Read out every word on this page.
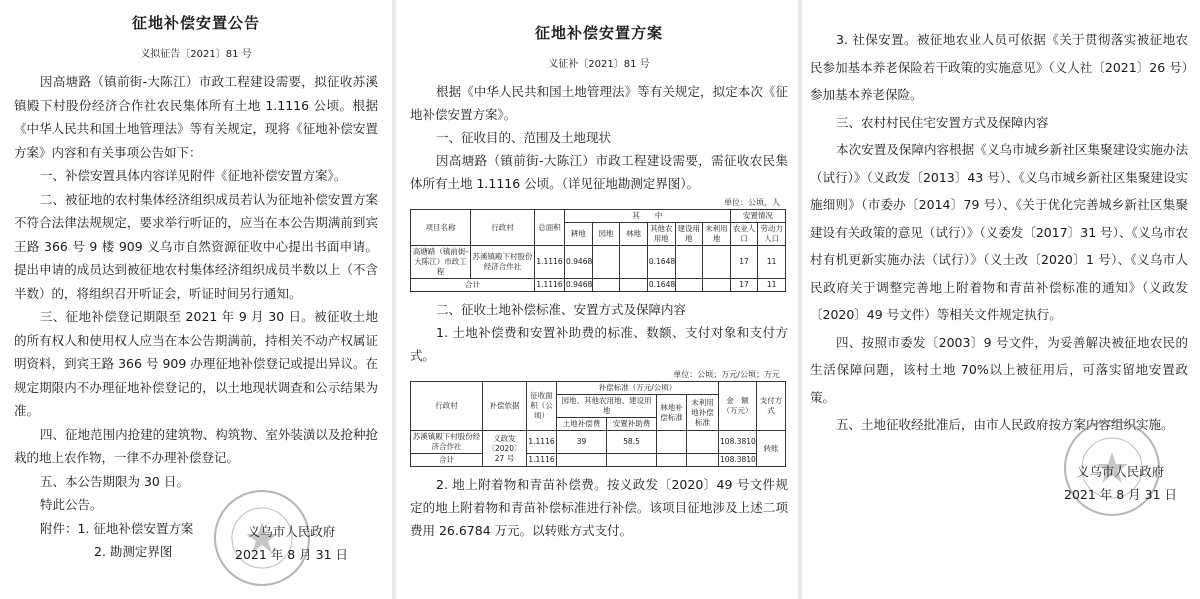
征地补偿安置公告
义拟征告〔2021〕81 号

因高塘路（镇前街-大陈江）市政工程建设需要，拟征收苏溪镇殿下村股份经济合作社农民集体所有土地 1.1116 公顷。根据《中华人民共和国土地管理法》等有关规定，现将《征地补偿安置方案》内容和有关事项公告如下：

一、补偿安置具体内容详见附件《征地补偿安置方案》。

二、被征地的农村集体经济组织成员若认为征地补偿安置方案不符合法律法规规定，要求举行听证的，应当在本公告期满前到宾王路 366 号 9 楼 909 义乌市自然资源征收中心提出书面申请。提出申请的成员达到被征地农村集体经济组织成员半数以上（不含半数）的，将组织召开听证会，听证时间另行通知。

三、征地补偿登记期限至 2021 年 9 月 30 日。被征收土地的所有权人和使用权人应当在本公告期满前，持相关不动产权属证明资料，到宾王路 366 号 909 办理征地补偿登记或提出异议。在规定期限内不办理征地补偿登记的，以土地现状调查和公示结果为准。

四、征地范围内抢建的建筑物、构筑物、室外装潢以及抢种抢栽的地上农作物，一律不办理补偿登记。

五、本公告期限为 30 日。

特此公告。

附件：1. 征地补偿安置方案

2. 勘测定界图

义乌市人民政府
2021 年 8 月 31 日
征地补偿安置方案
义征补〔2021〕81 号

根据《中华人民共和国土地管理法》等有关规定，拟定本次《征地补偿安置方案》。

一、征收目的、范围及土地现状

因高塘路（镇前街-大陈江）市政工程建设需要，需征收农民集体所有土地 1.1116 公顷。（详见征地勘测定界图）。

单位：公顷、人
项目名称	行政村	总面积	其　　中						安置情况	
			耕地	园地	林地	其他农用地	建设用地	未利用地	农业人口	劳动力人口
高塘路（镇前街-大陈江）市政工程	苏溪镇殿下村股份经济合作社	1.1116	0.9468			0.1648			17	11
合计		1.1116	0.9468			0.1648			17	11

二、征收土地补偿标准、安置方式及保障内容

1. 土地补偿费和安置补助费的标准、数额、支付对象和支付方式。

单位：公顷；万元/公顷；万元
行政村	补偿依据	征收面积（公顷）	补偿标准（万元/公顷）				金　额（万元）	支付方式
			园地、其他农用地、建设用地		林地补偿标准	未利用地补偿标准		
			土地补偿费	安置补助费				
苏溪镇殿下村股份经济合作社	义政发〔2020〕27 号	1.1116	39	58.5			108.3810	转账
合计		1.1116					108.3810	

2. 地上附着物和青苗补偿费。按义政发〔2020〕49 号文件规定的地上附着物和青苗补偿标准进行补偿。该项目征地涉及上述二项费用 26.6784 万元。以转账方式支付。

3. 社保安置。被征地农业人员可依据《关于贯彻落实被征地农民参加基本养老保险若干政策的实施意见》（义人社〔2021〕26 号）参加基本养老保险。

三、农村村民住宅安置方式及保障内容

本次安置及保障内容根据《义乌市城乡新社区集聚建设实施办法（试行）》（义政发〔2013〕43 号）、《义乌市城乡新社区集聚建设实施细则》（市委办〔2014〕79 号）、《关于优化完善城乡新社区集聚建设有关政策的意见（试行）》（义委发〔2017〕31 号）、《义乌市农村有机更新实施办法（试行）》（义土改〔2020〕1 号）、《义乌市人民政府关于调整完善地上附着物和青苗补偿标准的通知》（义政发〔2020〕49 号文件）等相关文件规定执行。

四、按照市委发〔2003〕9 号文件，为妥善解决被征地农民的生活保障问题，该村土地 70%以上被征用后，可落实留地安置政策。

五、土地征收经批准后，由市人民政府按方案内容组织实施。

义乌市人民政府
2021 年 8 月 31 日
